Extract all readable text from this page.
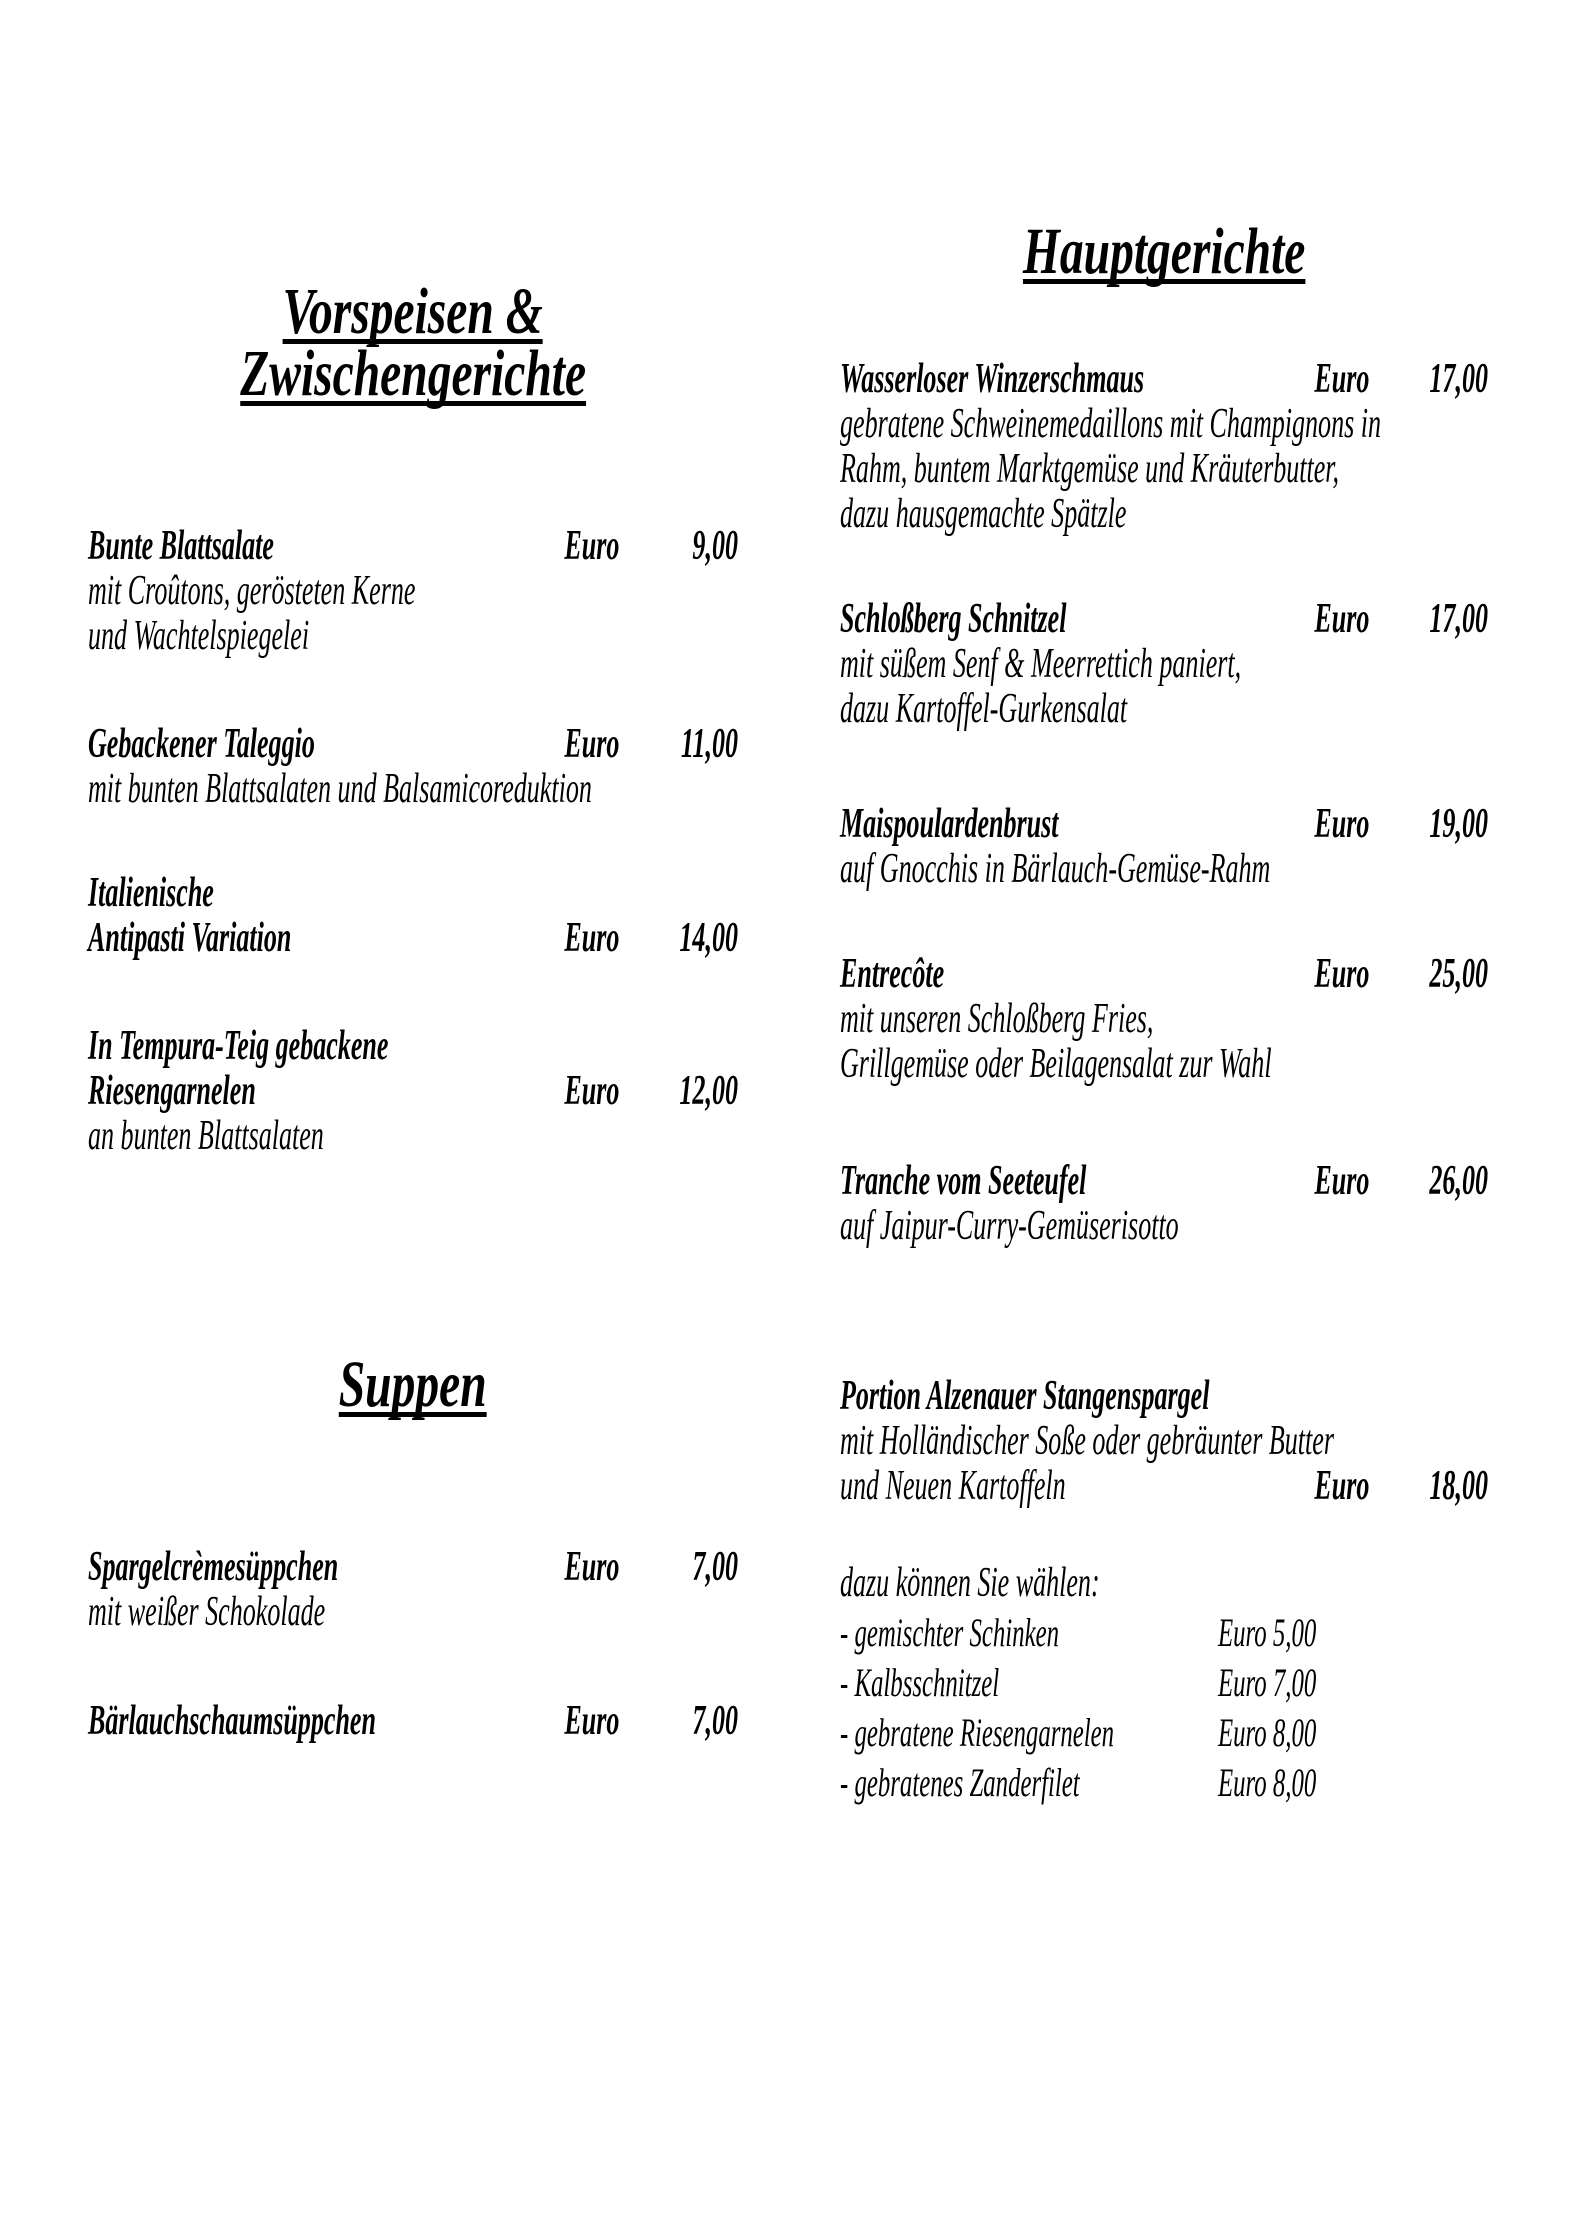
Vorspeisen &
Zwischengerichte
Bunte Blattsalate	Euro 9,00
mit Croûtons, gerösteten Kerne
und Wachtelspiegelei
Gebackener Taleggio	Euro 11,00
mit bunten Blattsalaten und Balsamicoreduktion
Italienische
Antipasti Variation	Euro 14,00
In Tempura-Teig gebackene
Riesengarnelen	Euro 12,00
an bunten Blattsalaten
Suppen
Spargelcrèmesüppchen	Euro 7,00
mit weißer Schokolade
Bärlauchschaumsüppchen	Euro 7,00
Hauptgerichte
Wasserloser Winzerschmaus	Euro 17,00
gebratene Schweinemedaillons mit Champignons in
Rahm, buntem Marktgemüse und Kräuterbutter,
dazu hausgemachte Spätzle
Schloßberg Schnitzel	Euro 17,00
mit süßem Senf & Meerrettich paniert,
dazu Kartoffel-Gurkensalat
Maispoulardenbrust	Euro 19,00
auf Gnocchis in Bärlauch-Gemüse-Rahm
Entrecôte	Euro 25,00
mit unseren Schloßberg Fries,
Grillgemüse oder Beilagensalat zur Wahl
Tranche vom Seeteufel	Euro 26,00
auf Jaipur-Curry-Gemüserisotto
Portion Alzenauer Stangenspargel
mit Holländischer Soße oder gebräunter Butter
und Neuen Kartoffeln	Euro 18,00
dazu können Sie wählen:
- gemischter Schinken	Euro 5,00
- Kalbsschnitzel	Euro 7,00
- gebratene Riesengarnelen	Euro 8,00
- gebratenes Zanderfilet	Euro 8,00
